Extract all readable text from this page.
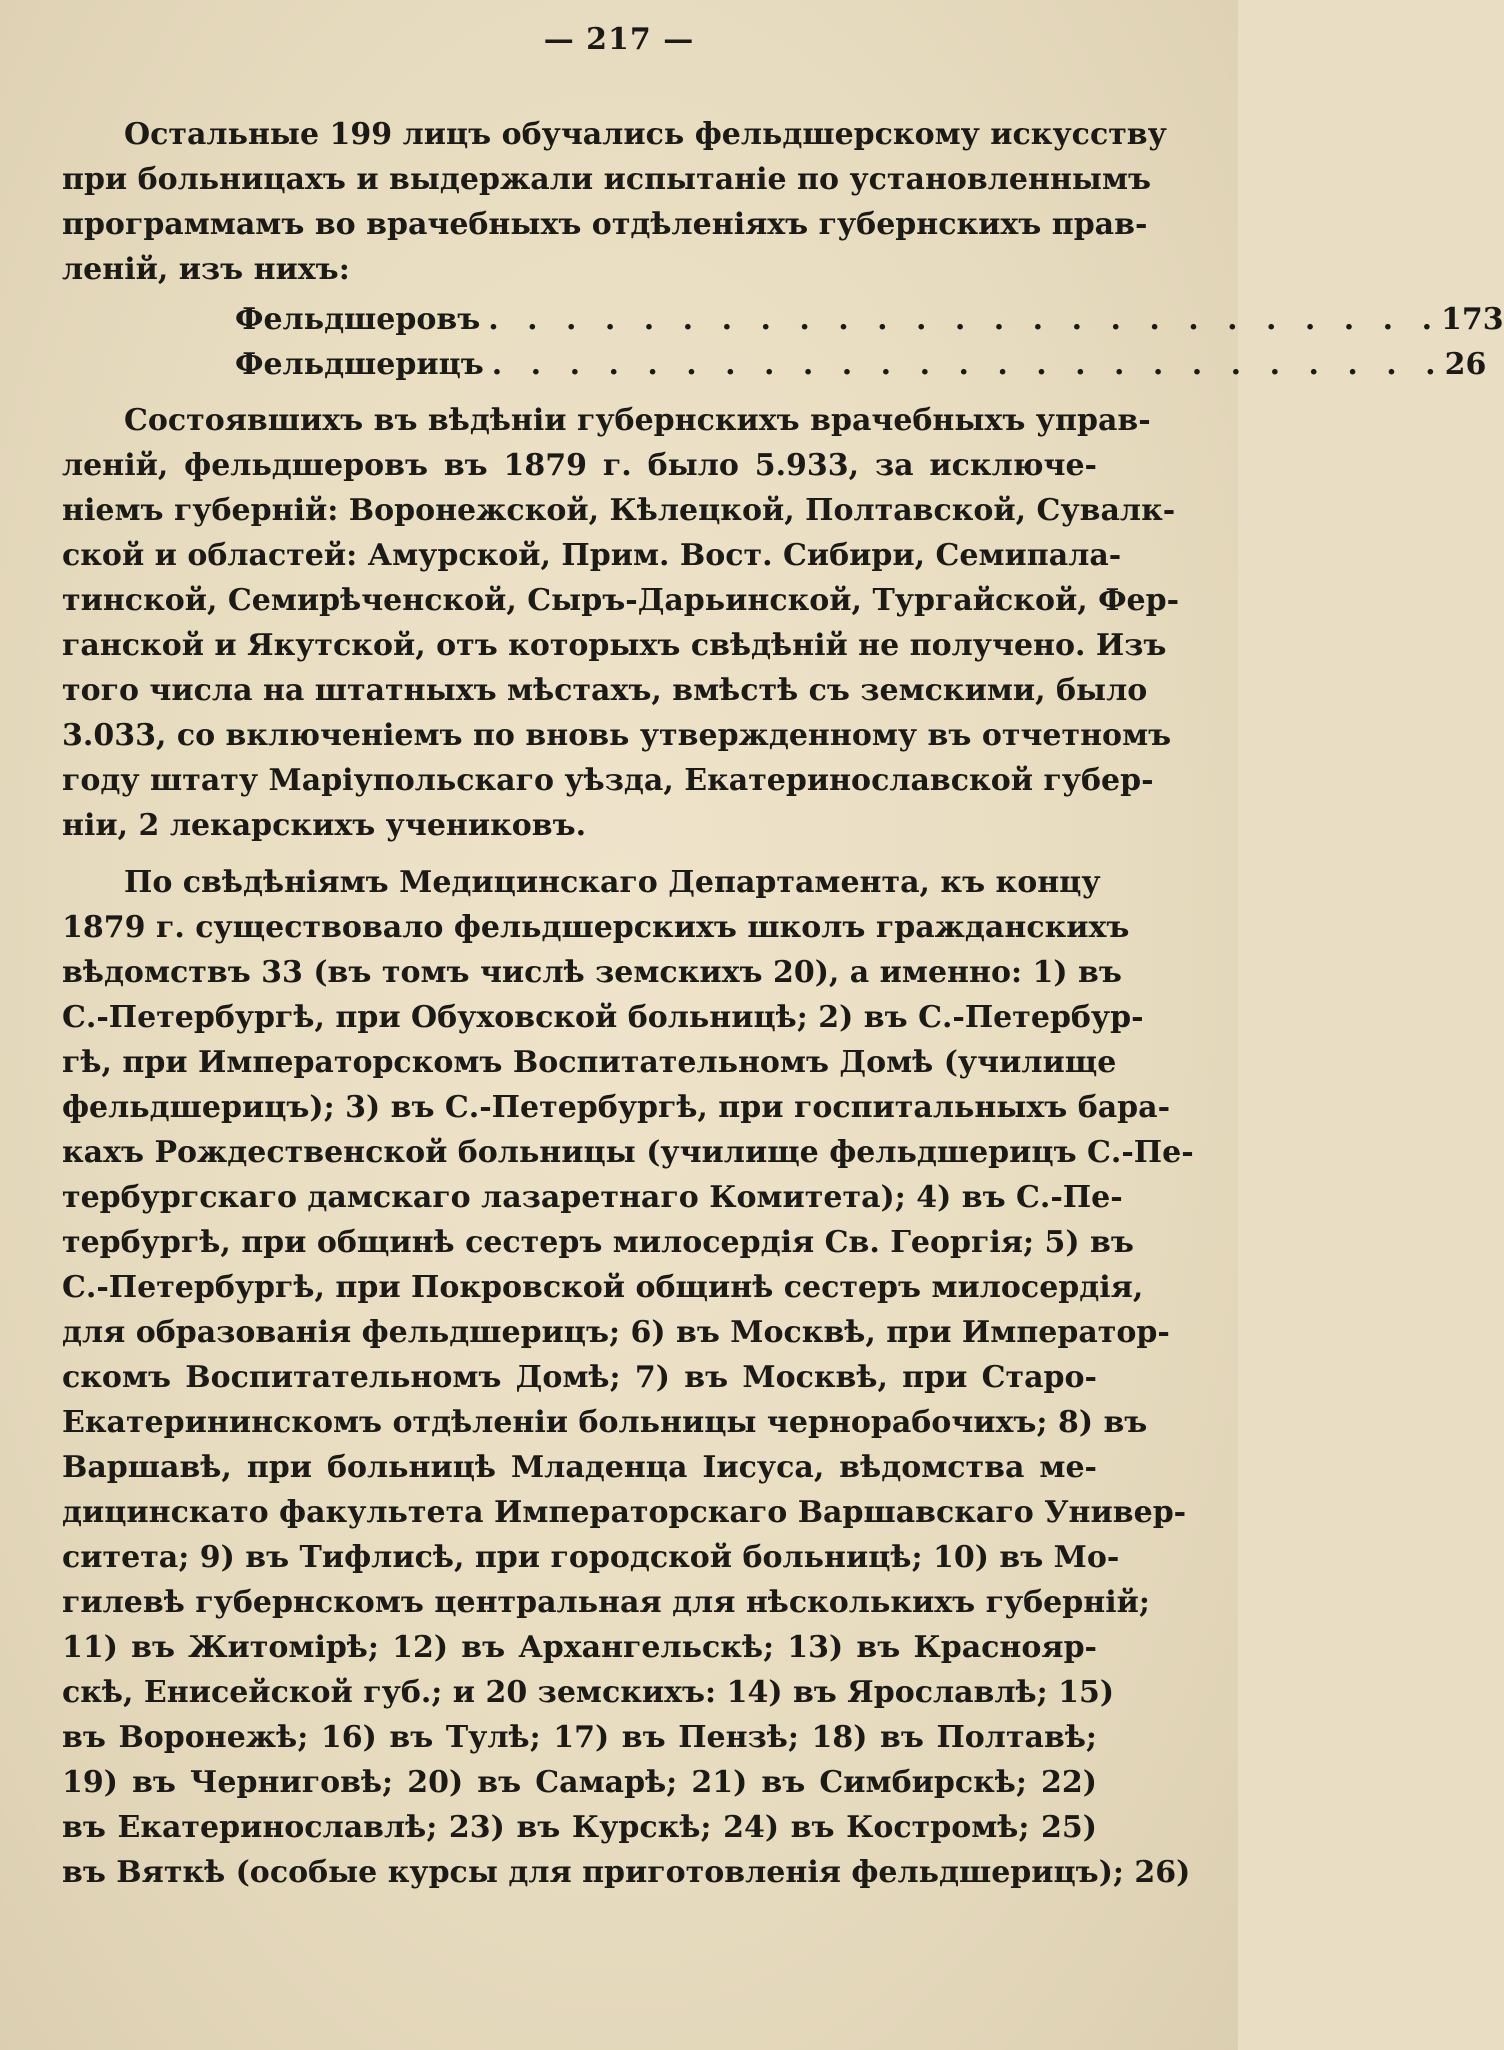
— 217 —
Остальные 199 лицъ обучались фельдшерскому искусству
при больницахъ и выдержали испытаніе по установленнымъ
программамъ во врачебныхъ отдѣленіяхъ губернскихъ прав-
леній, изъ нихъ:
Фельдшеровъ . . . . . . . . . . . . . . . . . . . . . . . . . 173
Фельдшерицъ . . . . . . . . . . . . . . . . . . . . . . . . . 26
Состоявшихъ въ вѣдѣніи губернскихъ врачебныхъ управ-
леній, фельдшеровъ въ 1879 г. было 5.933, за исключе-
ніемъ губерній: Воронежской, Кѣлецкой, Полтавской, Сувалк-
ской и областей: Амурской, Прим. Вост. Сибири, Семипала-
тинской, Семирѣченской, Сыръ-Дарьинской, Тургайской, Фер-
ганской и Якутской, отъ которыхъ свѣдѣній не получено. Изъ
того числа на штатныхъ мѣстахъ, вмѣстѣ съ земскими, было
3.033, со включеніемъ по вновь утвержденному въ отчетномъ
году штату Маріупольскаго уѣзда, Екатеринославской губер-
ніи, 2 лекарскихъ учениковъ.
По свѣдѣніямъ Медицинскаго Департамента, къ концу
1879 г. существовало фельдшерскихъ школъ гражданскихъ
вѣдомствъ 33 (въ томъ числѣ земскихъ 20), а именно: 1) въ
С.-Петербургѣ, при Обуховской больницѣ; 2) въ С.-Петербур-
гѣ, при Императорскомъ Воспитательномъ Домѣ (училище
фельдшерицъ); 3) въ С.-Петербургѣ, при госпитальныхъ бара-
кахъ Рождественской больницы (училище фельдшерицъ С.-Пе-
тербургскаго дамскаго лазаретнаго Комитета); 4) въ С.-Пе-
тербургѣ, при общинѣ сестеръ милосердія Св. Георгія; 5) въ
С.-Петербургѣ, при Покровской общинѣ сестеръ милосердія,
для образованія фельдшерицъ; 6) въ Москвѣ, при Император-
скомъ Воспитательномъ Домѣ; 7) въ Москвѣ, при Старо-
Екатерининскомъ отдѣленіи больницы чернорабочихъ; 8) въ
Варшавѣ, при больницѣ Младенца Іисуса, вѣдомства ме-
дицинскато факультета Императорскаго Варшавскаго Универ-
ситета; 9) въ Тифлисѣ, при городской больницѣ; 10) въ Мо-
гилевѣ губернскомъ центральная для нѣсколькихъ губерній;
11) въ Житомірѣ; 12) въ Архангельскѣ; 13) въ Краснояр-
скѣ, Енисейской губ.; и 20 земскихъ: 14) въ Ярославлѣ; 15)
въ Воронежѣ; 16) въ Тулѣ; 17) въ Пензѣ; 18) въ Полтавѣ;
19) въ Черниговѣ; 20) въ Самарѣ; 21) въ Симбирскѣ; 22)
въ Екатеринославлѣ; 23) въ Курскѣ; 24) въ Костромѣ; 25)
въ Вяткѣ (особые курсы для приготовленія фельдшерицъ); 26)
